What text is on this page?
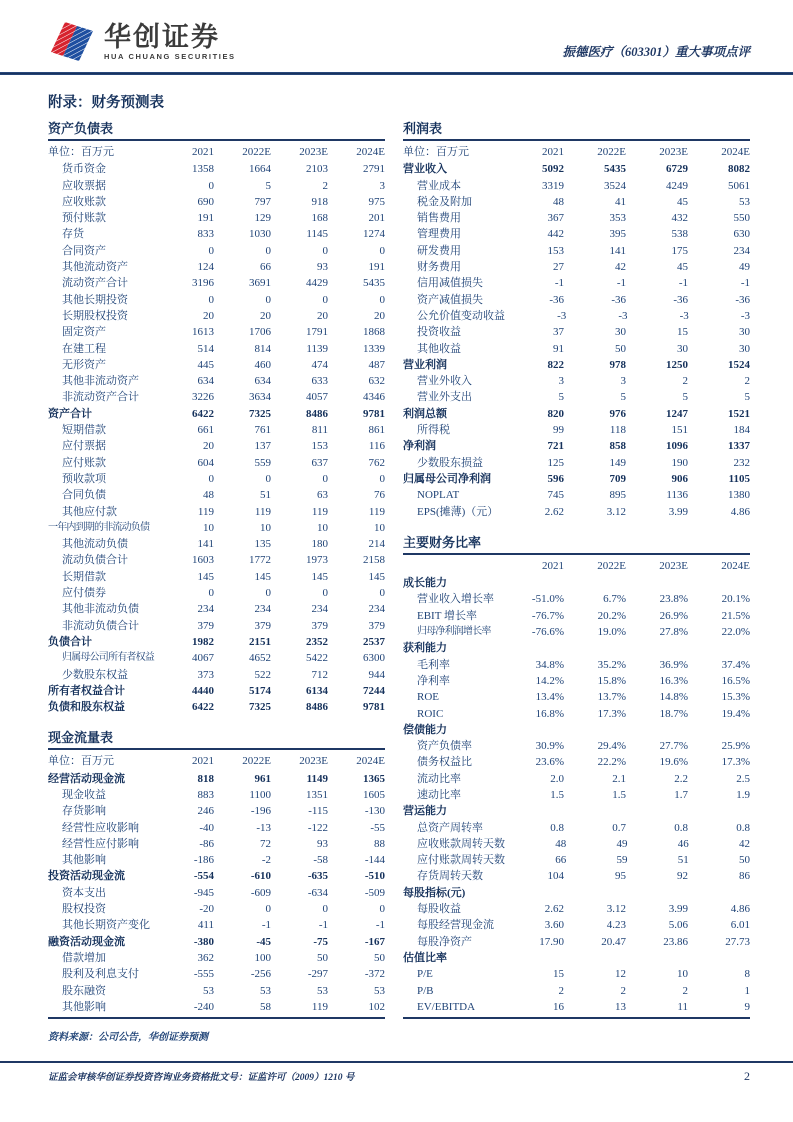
华创证券
HUA CHUANG SECURITIES	振德医疗（603301）重大事项点评
附录：财务预测表
资产负债表
单位：百万元	2021	2022E	2023E	2024E
货币资金	1358	1664	2103	2791
应收票据	0	5	2	3
应收账款	690	797	918	975
预付账款	191	129	168	201
存货	833	1030	1145	1274
合同资产	0	0	0	0
其他流动资产	124	66	93	191
流动资产合计	3196	3691	4429	5435
其他长期投资	0	0	0	0
长期股权投资	20	20	20	20
固定资产	1613	1706	1791	1868
在建工程	514	814	1139	1339
无形资产	445	460	474	487
其他非流动资产	634	634	633	632
非流动资产合计	3226	3634	4057	4346
资产合计	6422	7325	8486	9781
短期借款	661	761	811	861
应付票据	20	137	153	116
应付账款	604	559	637	762
预收款项	0	0	0	0
合同负债	48	51	63	76
其他应付款	119	119	119	119
一年内到期的非流动负债	10	10	10	10
其他流动负债	141	135	180	214
流动负债合计	1603	1772	1973	2158
长期借款	145	145	145	145
应付债券	0	0	0	0
其他非流动负债	234	234	234	234
非流动负债合计	379	379	379	379
负债合计	1982	2151	2352	2537
归属母公司所有者权益	4067	4652	5422	6300
少数股东权益	373	522	712	944
所有者权益合计	4440	5174	6134	7244
负债和股东权益	6422	7325	8486	9781
现金流量表
单位：百万元	2021	2022E	2023E	2024E
经营活动现金流	818	961	1149	1365
现金收益	883	1100	1351	1605
存货影响	246	-196	-115	-130
经营性应收影响	-40	-13	-122	-55
经营性应付影响	-86	72	93	88
其他影响	-186	-2	-58	-144
投资活动现金流	-554	-610	-635	-510
资本支出	-945	-609	-634	-509
股权投资	-20	0	0	0
其他长期资产变化	411	-1	-1	-1
融资活动现金流	-380	-45	-75	-167
借款增加	362	100	50	50
股利及利息支付	-555	-256	-297	-372
股东融资	53	53	53	53
其他影响	-240	58	119	102
资料来源：公司公告，华创证券预测
利润表
单位：百万元	2021	2022E	2023E	2024E
营业收入	5092	5435	6729	8082
营业成本	3319	3524	4249	5061
税金及附加	48	41	45	53
销售费用	367	353	432	550
管理费用	442	395	538	630
研发费用	153	141	175	234
财务费用	27	42	45	49
信用减值损失	-1	-1	-1	-1
资产减值损失	-36	-36	-36	-36
公允价值变动收益	-3	-3	-3	-3
投资收益	37	30	15	30
其他收益	91	50	30	30
营业利润	822	978	1250	1524
营业外收入	3	3	2	2
营业外支出	5	5	5	5
利润总额	820	976	1247	1521
所得税	99	118	151	184
净利润	721	858	1096	1337
少数股东损益	125	149	190	232
归属母公司净利润	596	709	906	1105
NOPLAT	745	895	1136	1380
EPS(摊薄)（元）	2.62	3.12	3.99	4.86
主要财务比率
2021	2022E	2023E	2024E
成长能力
营业收入增长率	-51.0%	6.7%	23.8%	20.1%
EBIT 增长率	-76.7%	20.2%	26.9%	21.5%
归母净利润增长率	-76.6%	19.0%	27.8%	22.0%
获利能力
毛利率	34.8%	35.2%	36.9%	37.4%
净利率	14.2%	15.8%	16.3%	16.5%
ROE	13.4%	13.7%	14.8%	15.3%
ROIC	16.8%	17.3%	18.7%	19.4%
偿债能力
资产负债率	30.9%	29.4%	27.7%	25.9%
债务权益比	23.6%	22.2%	19.6%	17.3%
流动比率	2.0	2.1	2.2	2.5
速动比率	1.5	1.5	1.7	1.9
营运能力
总资产周转率	0.8	0.7	0.8	0.8
应收账款周转天数	48	49	46	42
应付账款周转天数	66	59	51	50
存货周转天数	104	95	92	86
每股指标(元)
每股收益	2.62	3.12	3.99	4.86
每股经营现金流	3.60	4.23	5.06	6.01
每股净资产	17.90	20.47	23.86	27.73
估值比率
P/E	15	12	10	8
P/B	2	2	2	1
EV/EBITDA	16	13	11	9
证监会审核华创证券投资咨询业务资格批文号：证监许可（2009）1210 号	2
